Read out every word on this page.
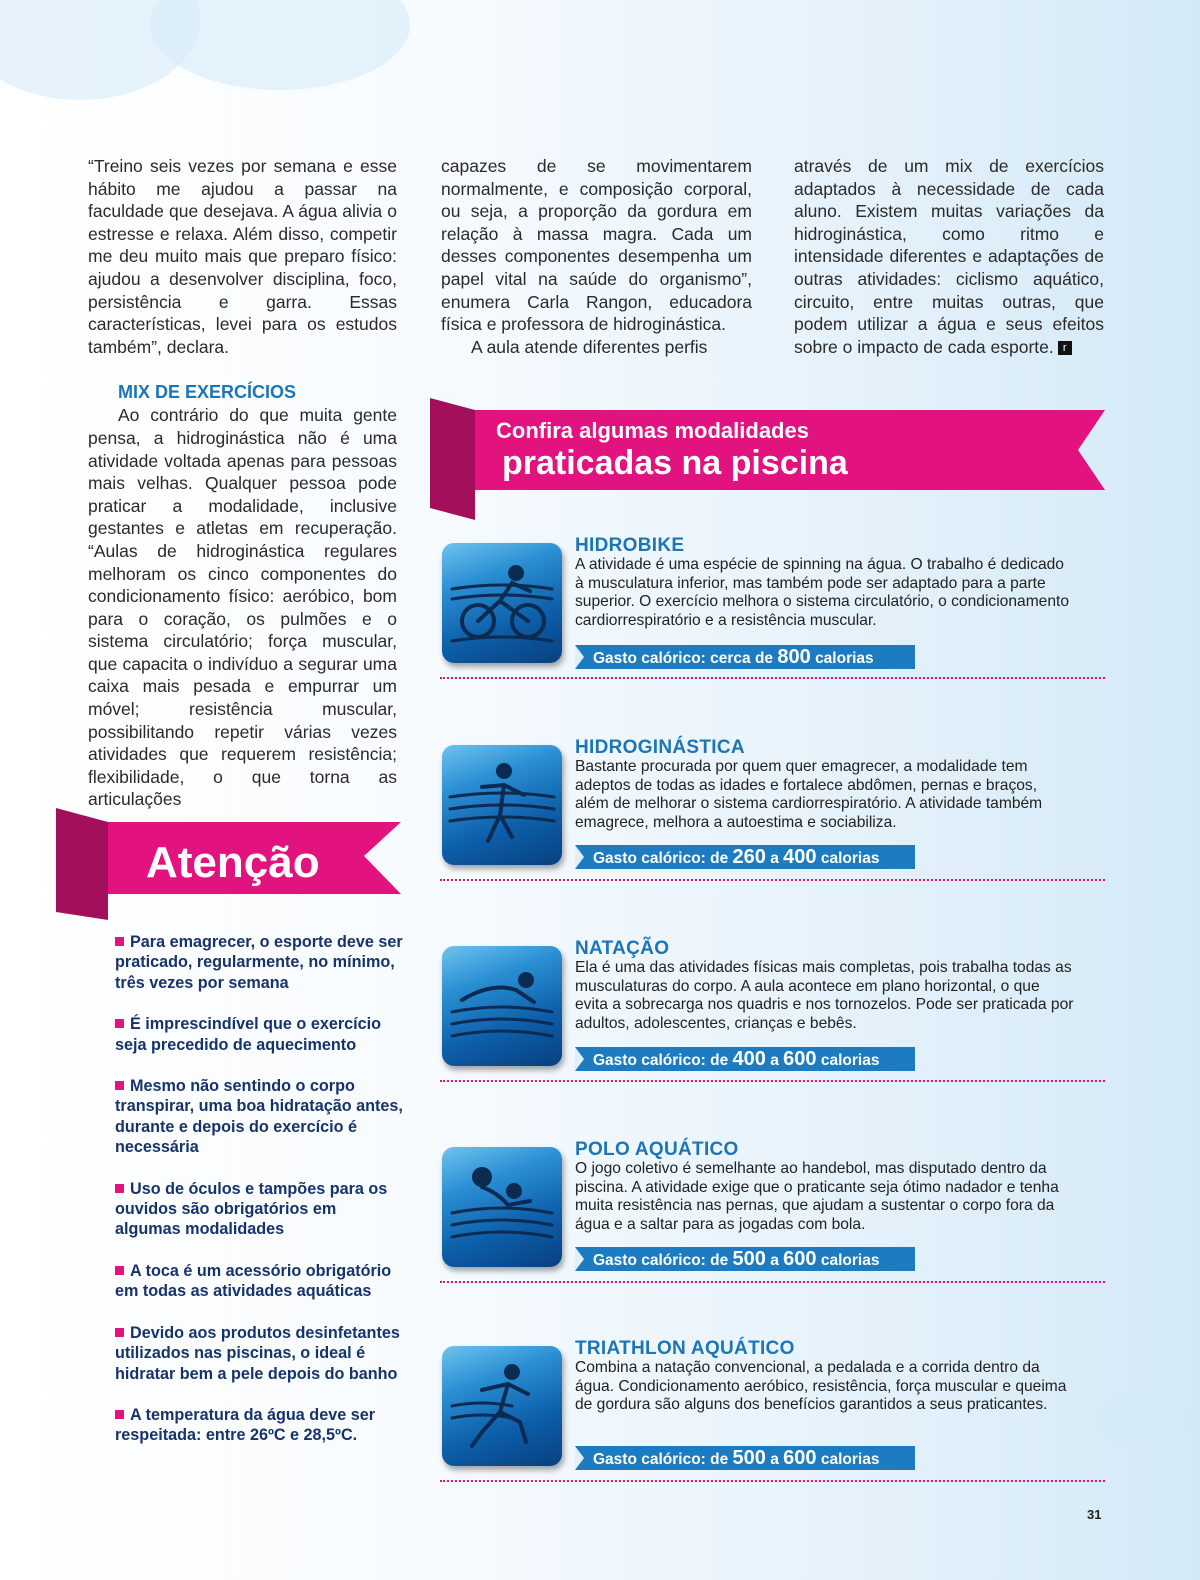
“Treino seis vezes por semana e esse hábito me ajudou a passar na faculdade que desejava. A água alivia o estresse e relaxa. Além disso, competir me deu muito mais que preparo físico: ajudou a desenvolver disciplina, foco, persistência e garra. Essas características, levei para os estudos também”, declara.

MIX DE EXERCÍCIOS

Ao contrário do que muita gente pensa, a hidroginástica não é uma atividade voltada apenas para pessoas mais velhas. Qualquer pessoa pode praticar a modalidade, inclusive gestantes e atletas em recuperação. “Aulas de hidroginástica regulares melhoram os cinco componentes do condicionamento físico: aeróbico, bom para o coração, os pulmões e o sistema circulatório; força muscular, que capacita o indivíduo a segurar uma caixa mais pesada e empurrar um móvel; resistência muscular, possibilitando repetir várias vezes atividades que requerem resistência; flexibilidade, o que torna as articulações

capazes de se movimentarem normalmente, e composição corporal, ou seja, a proporção da gordura em relação à massa magra. Cada um desses componentes desempenha um papel vital na saúde do organismo”, enumera Carla Rangon, educadora física e professora de hidroginástica.

A aula atende diferentes perfis

através de um mix de exercícios adaptados à necessidade de cada aluno. Existem muitas variações da hidroginástica, como ritmo e intensidade diferentes e adaptações de outras atividades: ciclismo aquático, circuito, entre muitas outras, que podem utilizar a água e seus efeitos sobre o impacto de cada esporte. r

Confira algumas modalidades
praticadas na piscina
Atenção
Para emagrecer, o esporte deve ser praticado, regularmente, no mínimo, três vezes por semana
É imprescindível que o exercício seja precedido de aquecimento
Mesmo não sentindo o corpo transpirar, uma boa hidratação antes, durante e depois do exercício é necessária
Uso de óculos e tampões para os ouvidos são obrigatórios em algumas modalidades
A toca é um acessório obrigatório em todas as atividades aquáticas
Devido aos produtos desinfetantes utilizados nas piscinas, o ideal é hidratar bem a pele depois do banho
A temperatura da água deve ser respeitada: entre 26ºC e 28,5ºC.
HIDROBIKE
A atividade é uma espécie de spinning na água. O trabalho é dedicado à musculatura inferior, mas também pode ser adaptado para a parte superior. O exercício melhora o sistema circulatório, o condicionamento cardiorrespiratório e a resistência muscular.
Gasto calórico: cerca de 800 calorias
HIDROGINÁSTICA
Bastante procurada por quem quer emagrecer, a modalidade tem adeptos de todas as idades e fortalece abdômen, pernas e braços, além de melhorar o sistema cardiorrespiratório. A atividade também emagrece, melhora a autoestima e sociabiliza.
Gasto calórico: de 260 a 400 calorias
NATAÇÃO
Ela é uma das atividades físicas mais completas, pois trabalha todas as musculaturas do corpo. A aula acontece em plano horizontal, o que evita a sobrecarga nos quadris e nos tornozelos. Pode ser praticada por adultos, adolescentes, crianças e bebês.
Gasto calórico: de 400 a 600 calorias
POLO AQUÁTICO
O jogo coletivo é semelhante ao handebol, mas disputado dentro da piscina. A atividade exige que o praticante seja ótimo nadador e tenha muita resistência nas pernas, que ajudam a sustentar o corpo fora da água e a saltar para as jogadas com bola.
Gasto calórico: de 500 a 600 calorias
TRIATHLON AQUÁTICO
Combina a natação convencional, a pedalada e a corrida dentro da água. Condicionamento aeróbico, resistência, força muscular e queima de gordura são alguns dos benefícios garantidos a seus praticantes.
Gasto calórico: de 500 a 600 calorias
31
